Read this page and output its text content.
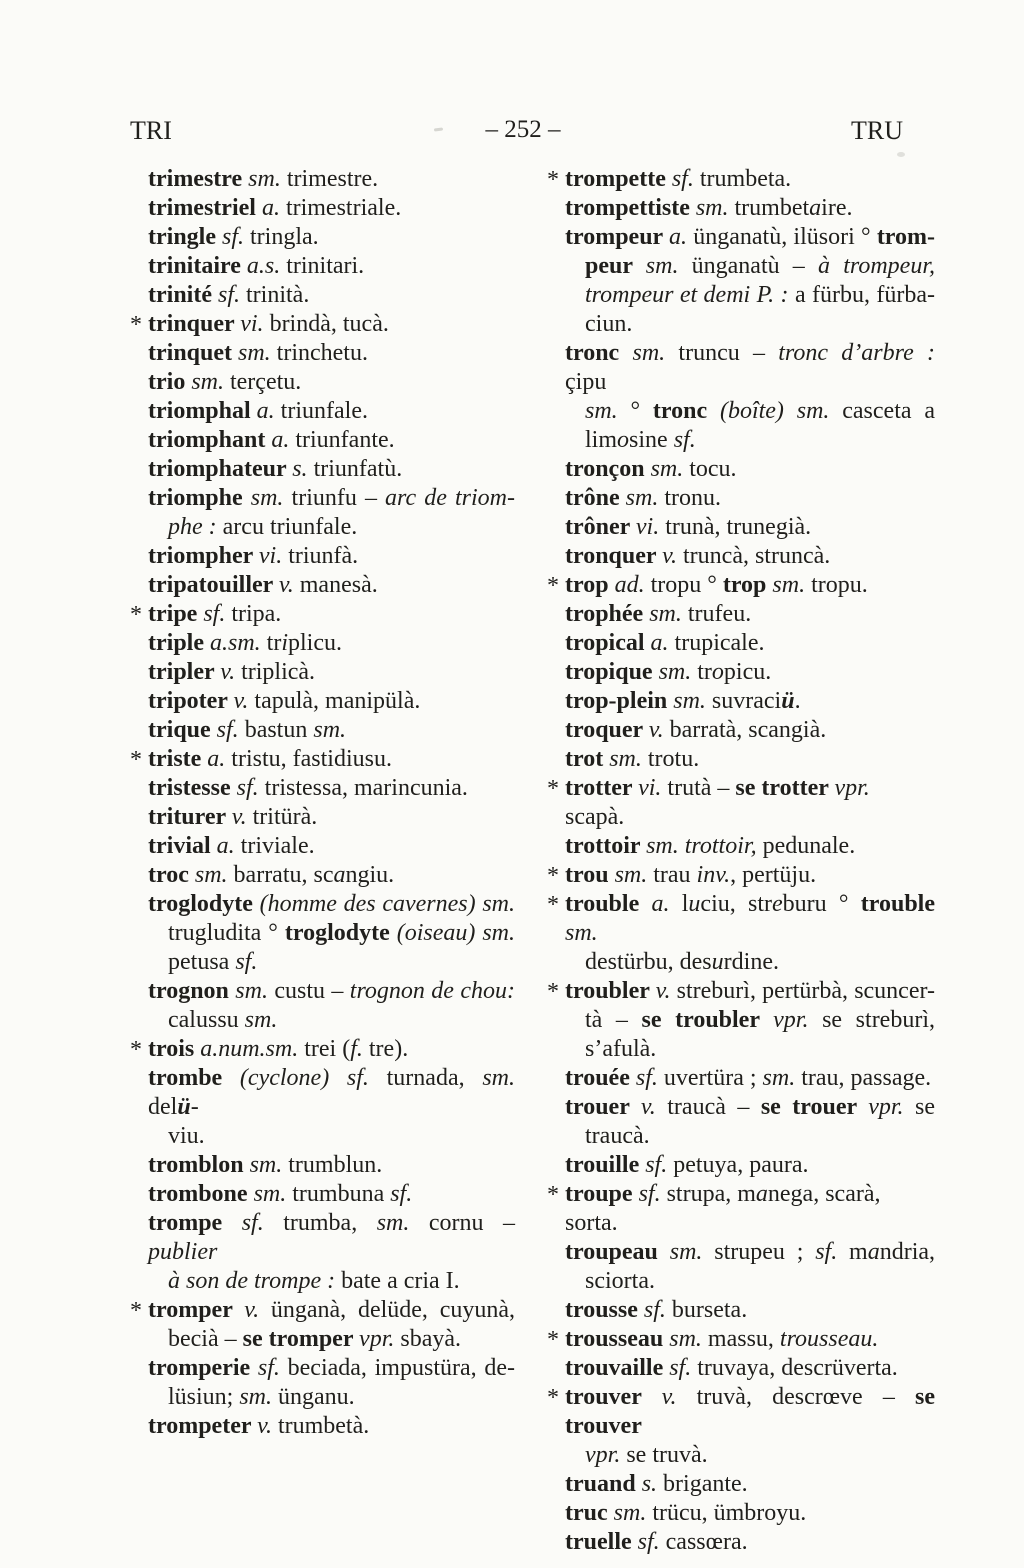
TRI	– 252 –	TRU
trimestre sm. trimestre.
trimestriel a. trimestriale.
tringle sf. tringla.
trinitaire a.s. trinitari.
trinité sf. trinità.
* trinquer vi. brindà, tucà.
trinquet sm. trinchetu.
trio sm. terçetu.
triomphal a. triunfale.
triomphant a. triunfante.
triomphateur s. triunfatù.
triomphe sm. triunfu – arc de triom-
phe : arcu triunfale.
triompher vi. triunfà.
tripatouiller v. manesà.
* tripe sf. tripa.
triple a.sm. triplicu.
tripler v. triplicà.
tripoter v. tapulà, manipülà.
trique sf. bastun sm.
* triste a. tristu, fastidiusu.
tristesse sf. tristessa, marincunia.
triturer v. tritürà.
trivial a. triviale.
troc sm. barratu, scangiu.
troglodyte (homme des cavernes) sm.
trugludita ° troglodyte (oiseau) sm.
petusa sf.
trognon sm. custu – trognon de chou:
calussu sm.
* trois a.num.sm. trei (f. tre).
trombe (cyclone) sf. turnada, sm. delü-
viu.
tromblon sm. trumblun.
trombone sm. trumbuna sf.
trompe sf. trumba, sm. cornu – publier
à son de trompe : bate a cria I.
* tromper v. ünganà, delüde, cuyunà,
becià – se tromper vpr. sbayà.
tromperie sf. beciada, impustüra, de-
lüsiun; sm. ünganu.
trompeter v. trumbetà.
* trompette sf. trumbeta.
trompettiste sm. trumbetaire.
trompeur a. ünganatù, ilüsori ° trom-
peur sm. ünganatù – à trompeur,
trompeur et demi P. : a fürbu, fürba-
ciun.
tronc sm. truncu – tronc d’arbre : çipu
sm. ° tronc (boîte) sm. casceta a
limosine sf.
tronçon sm. tocu.
trône sm. tronu.
trôner vi. trunà, trunegià.
tronquer v. truncà, struncà.
* trop ad. tropu ° trop sm. tropu.
trophée sm. trufeu.
tropical a. trupicale.
tropique sm. tropicu.
trop-plein sm. suvraciü.
troquer v. barratà, scangià.
trot sm. trotu.
* trotter vi. trutà – se trotter vpr. scapà.
trottoir sm. trottoir, pedunale.
* trou sm. trau inv., pertüju.
* trouble a. luciu, streburu ° trouble sm.
destürbu, desurdine.
* troubler v. streburì, pertürbà, scuncer-
tà – se troubler vpr. se streburì,
s’afulà.
trouée sf. uvertüra ; sm. trau, passage.
trouer v. traucà – se trouer vpr. se
traucà.
trouille sf. petuya, paura.
* troupe sf. strupa, manega, scarà, sorta.
troupeau sm. strupeu ; sf. mandria,
sciorta.
trousse sf. burseta.
* trousseau sm. massu, trousseau.
trouvaille sf. truvaya, descrüverta.
* trouver v. truvà, descrœve – se trouver
vpr. se truvà.
truand s. brigante.
truc sm. trücu, ümbroyu.
truelle sf. cassœra.
